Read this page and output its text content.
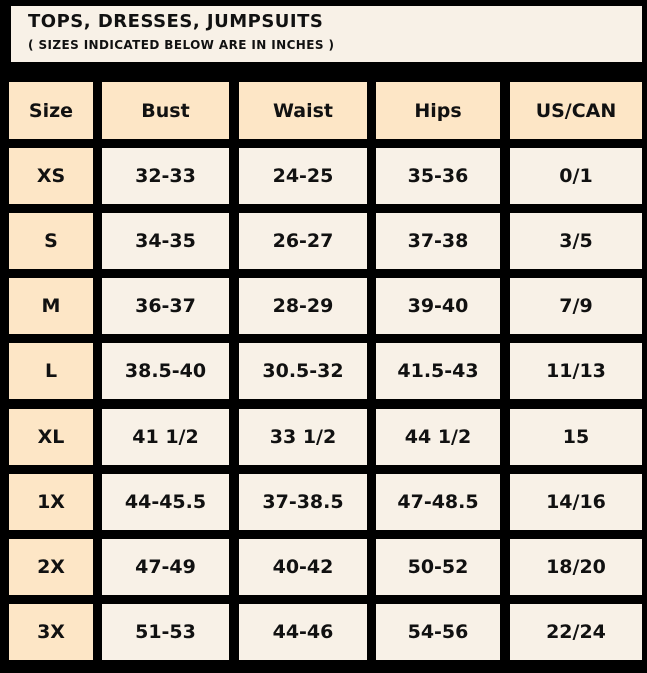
TOPS, DRESSES, JUMPSUITS
( SIZES INDICATED BELOW ARE IN INCHES )
Size	Bust	Waist	Hips	US/CAN
XS	32-33	24-25	35-36	0/1
S	34-35	26-27	37-38	3/5
M	36-37	28-29	39-40	7/9
L	38.5-40	30.5-32	41.5-43	11/13
XL	41 1/2	33 1/2	44 1/2	15
1X	44-45.5	37-38.5	47-48.5	14/16
2X	47-49	40-42	50-52	18/20
3X	51-53	44-46	54-56	22/24
